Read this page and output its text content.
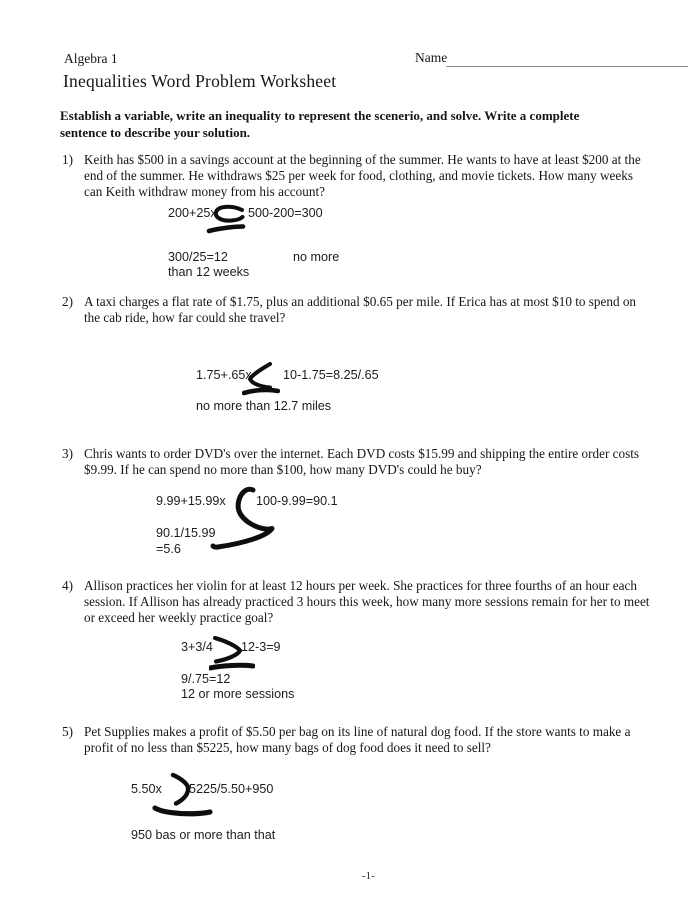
Algebra 1	Name
Inequalities Word Problem Worksheet
Establish a variable, write an inequality to represent the scenerio, and solve. Write a complete
sentence to describe your solution.
1) Keith has $500 in a savings account at the beginning of the summer. He wants to have at least $200 at the
end of the summer. He withdraws $25 per week for food, clothing, and movie tickets. How many weeks
can Keith withdraw money from his account?
200+25x 500-200=300
300/25=12	no more
than 12 weeks
2) A taxi charges a flat rate of $1.75, plus an additional $0.65 per mile. If Erica has at most $10 to spend on
the cab ride, how far could she travel?
1.75+.65x 10-1.75=8.25/.65
no more than 12.7 miles
3) Chris wants to order DVD's over the internet. Each DVD costs $15.99 and shipping the entire order costs
$9.99. If he can spend no more than $100, how many DVD's could he buy?
9.99+15.99x 100-9.99=90.1
90.1/15.99
=5.6
4) Allison practices her violin for at least 12 hours per week. She practices for three fourths of an hour each
session. If Allison has already practiced 3 hours this week, how many more sessions remain for her to meet
or exceed her weekly practice goal?
3+3/4 12-3=9
9/.75=12
12 or more sessions
5) Pet Supplies makes a profit of $5.50 per bag on its line of natural dog food. If the store wants to make a
profit of no less than $5225, how many bags of dog food does it need to sell?
5.50x 5225/5.50+950
950 bas or more than that
-1-
